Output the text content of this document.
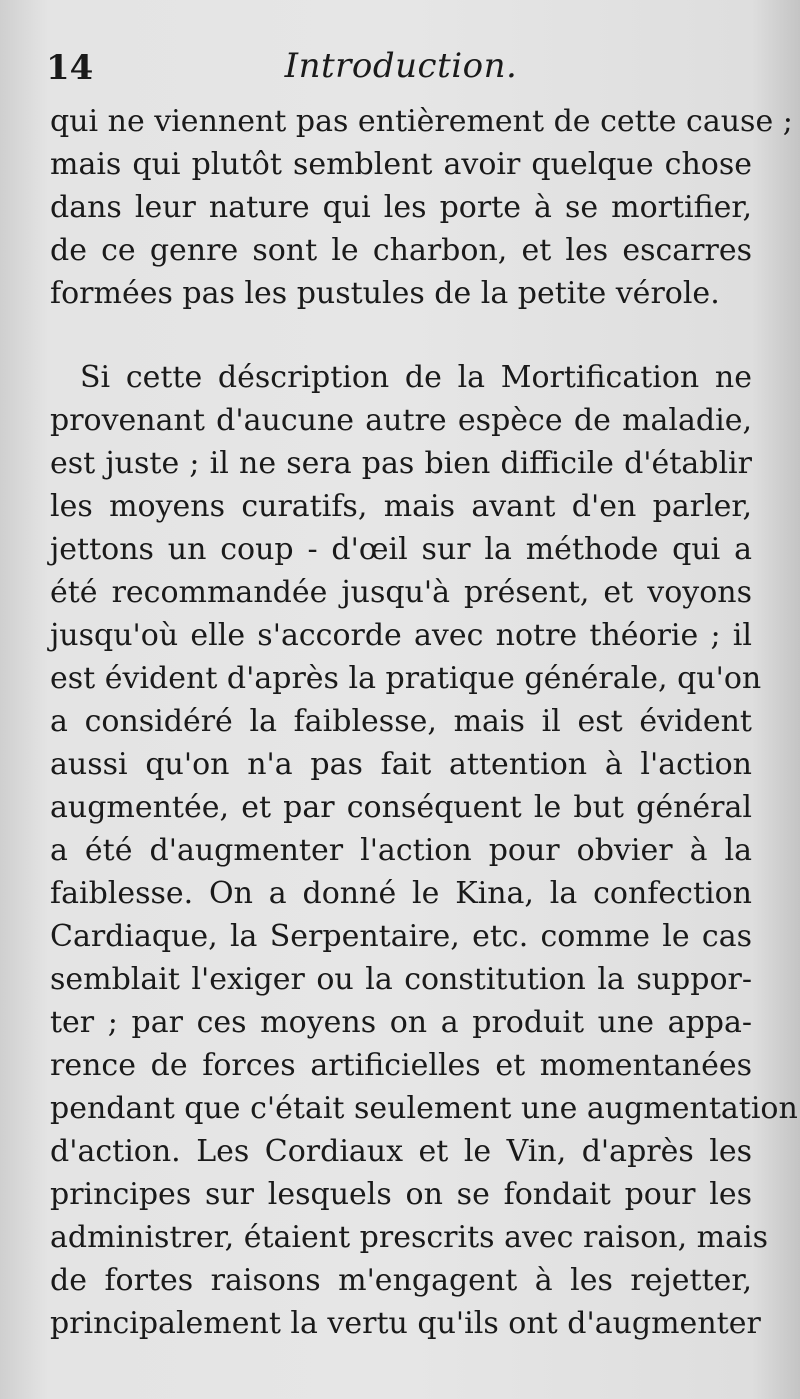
14	Introduction.
qui ne viennent pas entièrement de cette cause ;
mais qui plutôt semblent avoir quelque chose
dans leur nature qui les porte à se mortifier,
de ce genre sont le charbon, et les escarres
formées pas les pustules de la petite vérole.
Si cette déscription de la Mortification ne
provenant d'aucune autre espèce de maladie,
est juste ; il ne sera pas bien difficile d'établir
les moyens curatifs, mais avant d'en parler,
jettons un coup - d'œil sur la méthode qui a
été recommandée jusqu'à présent, et voyons
jusqu'où elle s'accorde avec notre théorie ; il
est évident d'après la pratique générale, qu'on
a considéré la faiblesse, mais il est évident
aussi qu'on n'a pas fait attention à l'action
augmentée, et par conséquent le but général
a été d'augmenter l'action pour obvier à la
faiblesse. On a donné le Kina, la confection
Cardiaque, la Serpentaire, etc. comme le cas
semblait l'exiger ou la constitution la suppor-
ter ; par ces moyens on a produit une appa-
rence de forces artificielles et momentanées
pendant que c'était seulement une augmentation
d'action. Les Cordiaux et le Vin, d'après les
principes sur lesquels on se fondait pour les
administrer, étaient prescrits avec raison, mais
de fortes raisons m'engagent à les rejetter,
principalement la vertu qu'ils ont d'augmenter
